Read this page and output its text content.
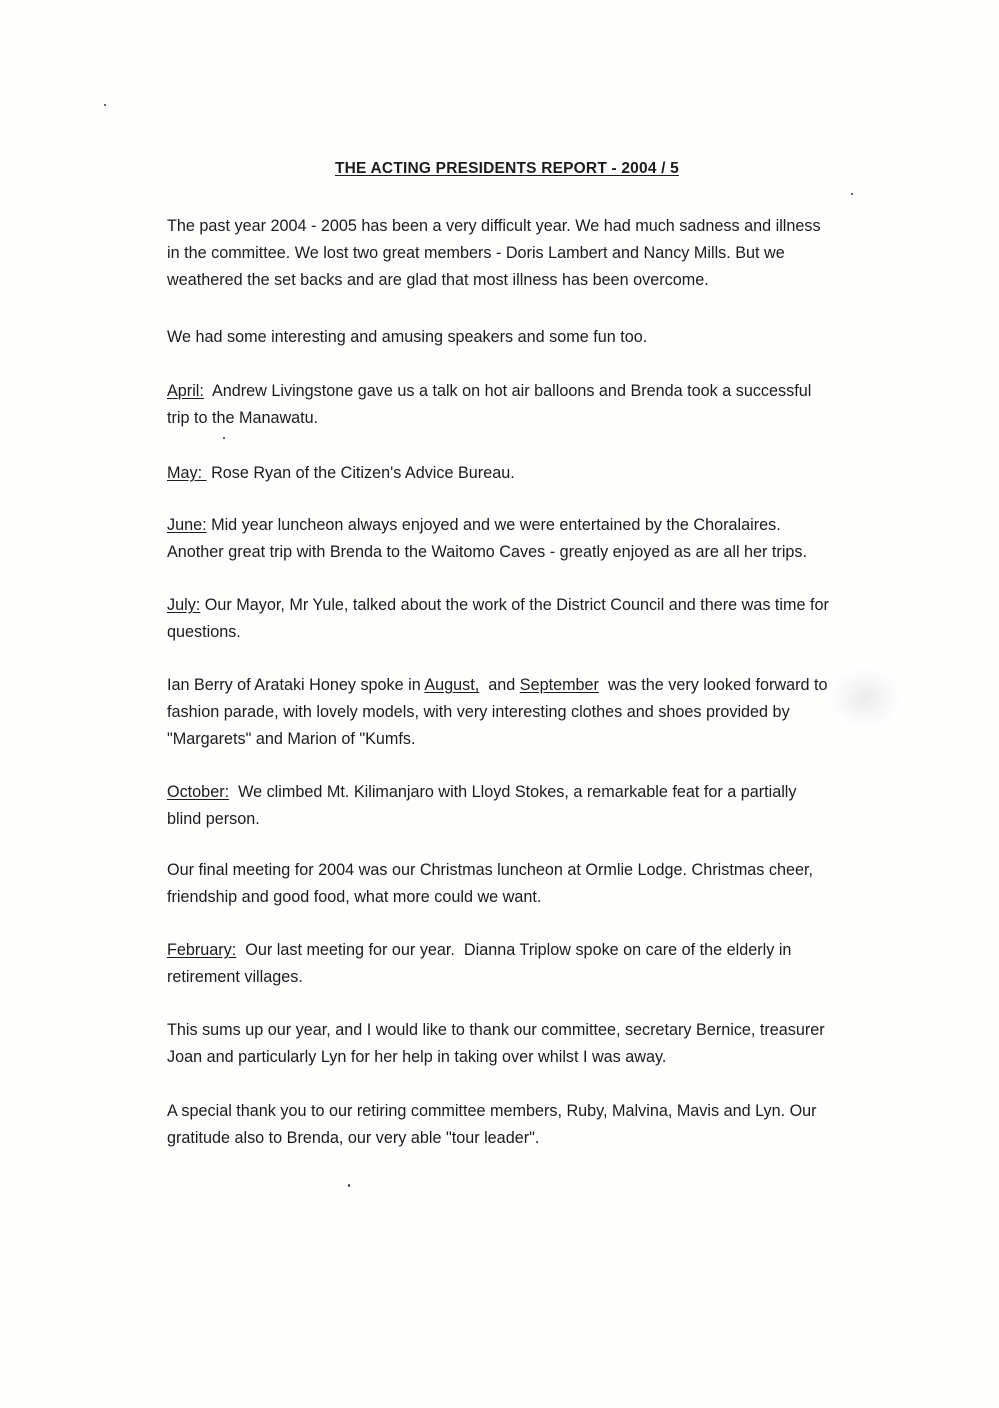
THE ACTING PRESIDENTS REPORT - 2004 / 5

The past year 2004 - 2005 has been a very difficult year. We had much sadness and illness
in the committee. We lost two great members - Doris Lambert and Nancy Mills. But we
weathered the set backs and are glad that most illness has been overcome.

We had some interesting and amusing speakers and some fun too.

April:  Andrew Livingstone gave us a talk on hot air balloons and Brenda took a successful
trip to the Manawatu.

May:  Rose Ryan of the Citizen's Advice Bureau.

June: Mid year luncheon always enjoyed and we were entertained by the Choralaires.
Another great trip with Brenda to the Waitomo Caves - greatly enjoyed as are all her trips.

July: Our Mayor, Mr Yule, talked about the work of the District Council and there was time for
questions.

Ian Berry of Arataki Honey spoke in August,  and September  was the very looked forward to
fashion parade, with lovely models, with very interesting clothes and shoes provided by
"Margarets" and Marion of "Kumfs.

October:  We climbed Mt. Kilimanjaro with Lloyd Stokes, a remarkable feat for a partially
blind person.

Our final meeting for 2004 was our Christmas luncheon at Ormlie Lodge. Christmas cheer,
friendship and good food, what more could we want.

February:  Our last meeting for our year.  Dianna Triplow spoke on care of the elderly in
retirement villages.

This sums up our year, and I would like to thank our committee, secretary Bernice, treasurer
Joan and particularly Lyn for her help in taking over whilst I was away.

A special thank you to our retiring committee members, Ruby, Malvina, Mavis and Lyn. Our
gratitude also to Brenda, our very able "tour leader".
